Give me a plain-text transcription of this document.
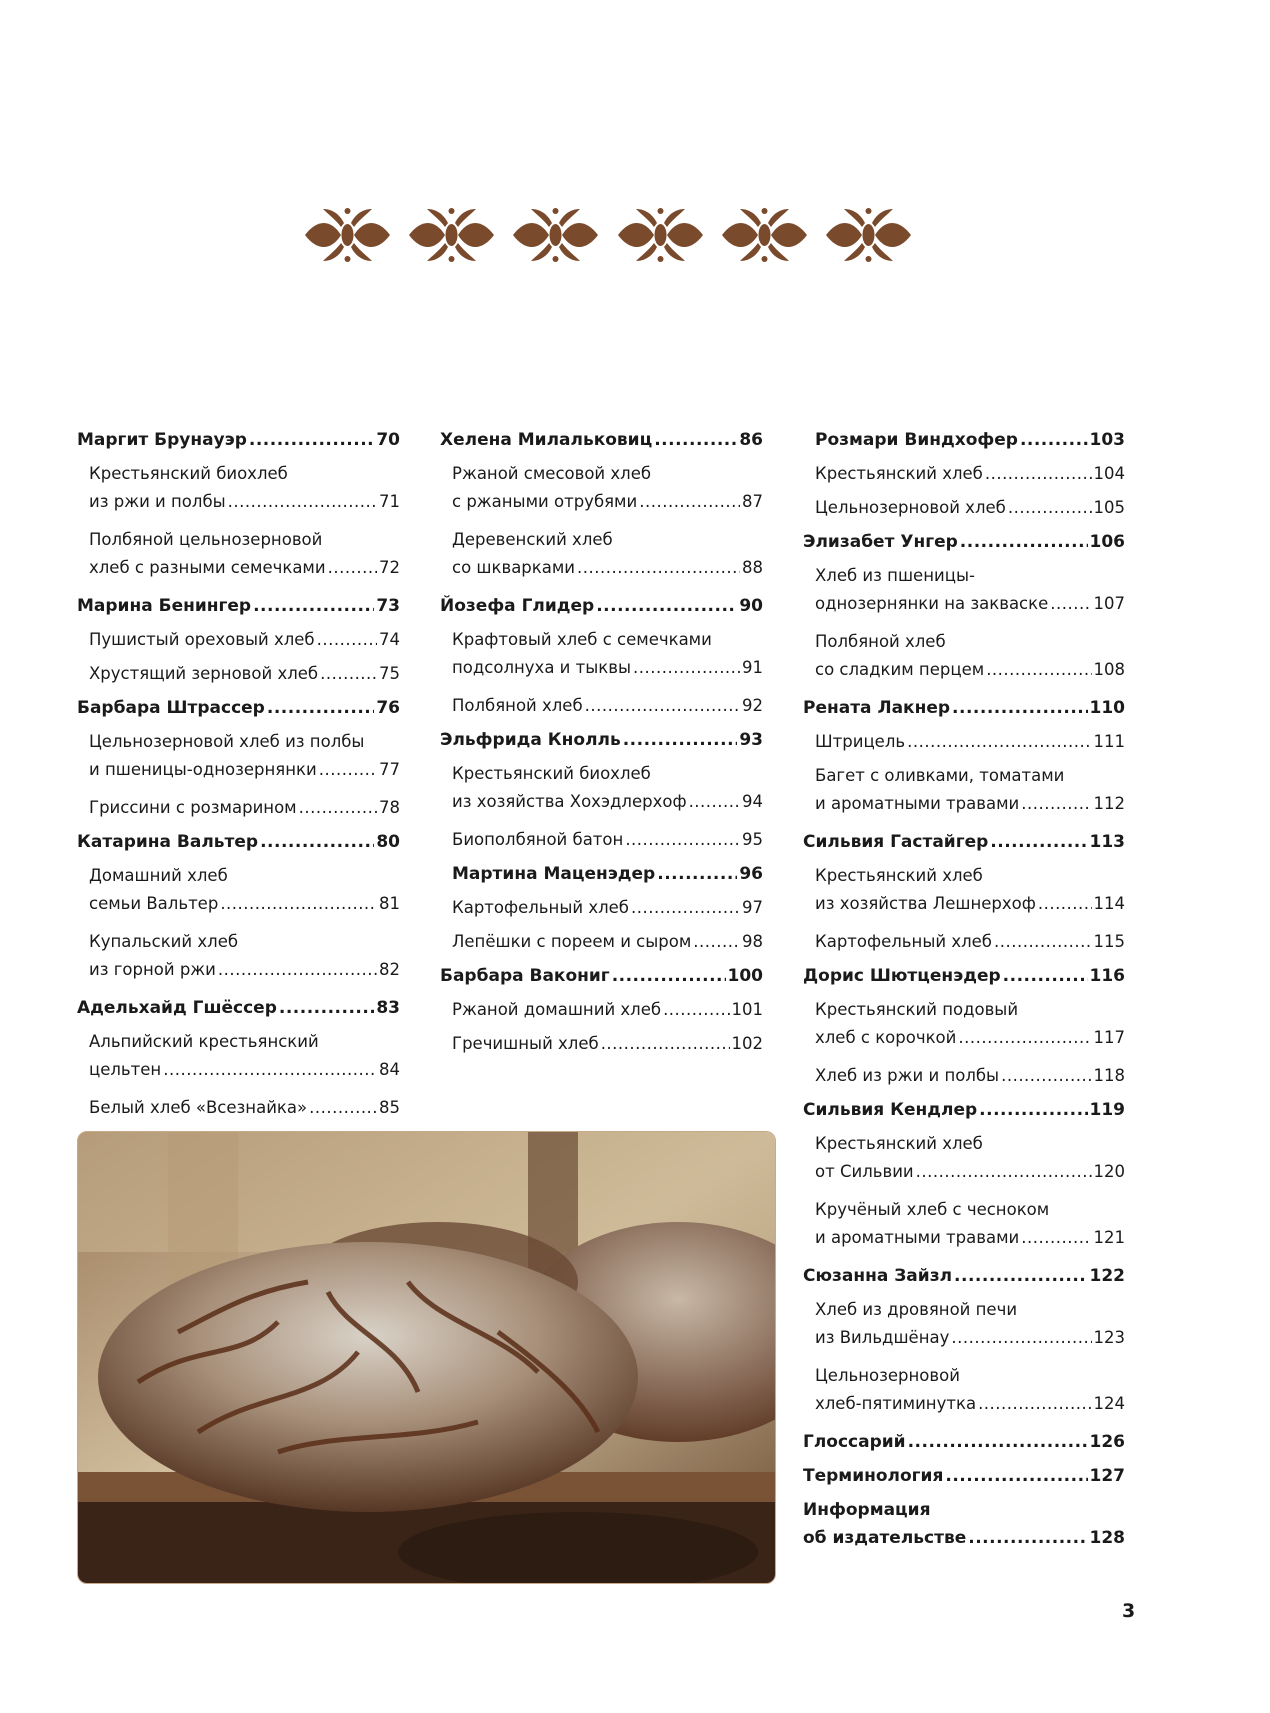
Маргит Брунауэр .....	70
Крестьянский биохлеб
из ржи и полбы .....	71
Полбяной цельнозерновой
хлеб с разными семечками .....	72
Марина Бенингер .....	73
Пушистый ореховый хлеб .....	74
Хрустящий зерновой хлеб .....	75
Барбара Штрассер .....	76
Цельнозерновой хлеб из полбы
и пшеницы-однозернянки .....	77
Гриссини с розмарином .....	78
Катарина Вальтер .....	80
Домашний хлеб
семьи Вальтер .....	81
Купальский хлеб
из горной ржи .....	82
Адельхайд Гшёссер .....	83
Альпийский крестьянский
цельтен .....	84
Белый хлеб «Всезнайка» .....	85
Хелена Милальковиц .....	86
Ржаной смесовой хлеб
с ржаными отрубями .....	87
Деревенский хлеб
со шкварками .....	88
Йозефа Глидер .....	90
Крафтовый хлеб с семечками
подсолнуха и тыквы .....	91
Полбяной хлеб .....	92
Эльфрида Кнолль .....	93
Крестьянский биохлеб
из хозяйства Хохэдлерхоф .....	94
Биополбяной батон .....	95
Мартина Маценэдер .....	96
Картофельный хлеб .....	97
Лепёшки с пореем и сыром .....	98
Барбара Вакониг .....	100
Ржаной домашний хлеб .....	101
Гречишный хлеб .....	102
Розмари Виндхофер .....	103
Крестьянский хлеб .....	104
Цельнозерновой хлеб .....	105
Элизабет Унгер .....	106
Хлеб из пшеницы-
однозернянки на закваске .....	107
Полбяной хлеб
со сладким перцем .....	108
Рената Лакнер .....	110
Штрицель .....	111
Багет с оливками, томатами
и ароматными травами .....	112
Сильвия Гастайгер .....	113
Крестьянский хлеб
из хозяйства Лешнерхоф .....	114
Картофельный хлеб .....	115
Дорис Шютценэдер .....	116
Крестьянский подовый
хлеб с корочкой .....	117
Хлеб из ржи и полбы .....	118
Сильвия Кендлер .....	119
Крестьянский хлеб
от Сильвии .....	120
Кручёный хлеб с чесноком
и ароматными травами .....	121
Сюзанна Зайзл .....	122
Хлеб из дровяной печи
из Вильдшёнау .....	123
Цельнозерновой
хлеб-пятиминутка .....	124
Глоссарий .....	126
Терминология .....	127
Информация
об издательстве .....	128
3
